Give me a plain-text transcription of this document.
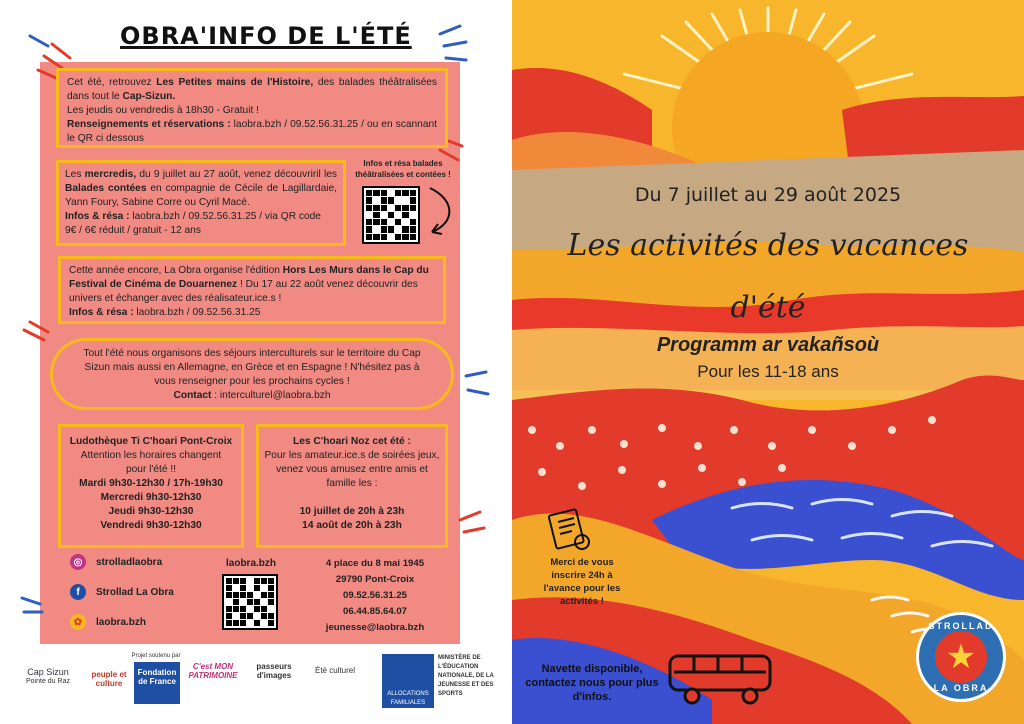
OBRA'INFO DE L'ÉTÉ
Cet été, retrouvez Les Petites mains de l'Histoire, des balades théâtralisées dans tout le Cap-Sizun.
Les jeudis ou vendredis à 18h30 - Gratuit !
Renseignements et réservations : laobra.bzh / 09.52.56.31.25 / ou en scannant le QR ci dessous
Les mercredis, du 9 juillet au 27 août, venez découvriril les Balades contées en compagnie de Cécile de Lagillardaie, Yann Foury, Sabine Corre ou Cyril Macé.
Infos & résa : laobra.bzh / 09.52.56.31.25 / via QR code
9€ / 6€ réduit / gratuit - 12 ans
Infos et résa balades théâtralisées et contées !
Cette année encore, La Obra organise l'édition Hors Les Murs dans le Cap du Festival de Cinéma de Douarnenez ! Du 17 au 22 août venez découvrir des univers et échanger avec des réalisateur.ice.s !
Infos & résa : laobra.bzh / 09.52.56.31.25
Tout l'été nous organisons des séjours interculturels sur le territoire du Cap Sizun mais aussi en Allemagne, en Grèce et en Espagne ! N'hésitez pas à vous renseigner pour les prochains cycles !
Contact : interculturel@laobra.bzh
Ludothèque Ti C'hoari Pont-Croix
Attention les horaires changent
pour l'été !!
Mardi 9h30-12h30 / 17h-19h30
Mercredi 9h30-12h30
Jeudi 9h30-12h30
Vendredi 9h30-12h30
Les C'hoari Noz cet été :
Pour les amateur.ice.s de soirées jeux, venez vous amusez entre amis et famille les :

10 juillet de 20h à 23h
14 août de 20h à 23h
◎	strolladlaobra
f	Strollad La Obra
✿	laobra.bzh
laobra.bzh	4 place du 8 mai 1945
29790 Pont-Croix
09.52.56.31.25
06.44.85.64.07
jeunesse@laobra.bzh
Cap Sizun
Pointe du Raz
peuple et culture
Projet soutenu par
Fondation de France
C'est MON PATRIMOINE
passeurs d'images
Été culturel
ALLOCATIONS FAMILIALES
MINISTÈRE DE L'ÉDUCATION NATIONALE, DE LA JEUNESSE ET DES SPORTS
Du 7 juillet au 29 août 2025
Les activités des vacances
d'été
Programm ar vakañsoù
Pour les 11-18 ans
Merci de vous inscrire 24h à l'avance pour les activités !
Navette disponible, contactez nous pour plus d'infos.
STROLLAD
★
LA OBRA
